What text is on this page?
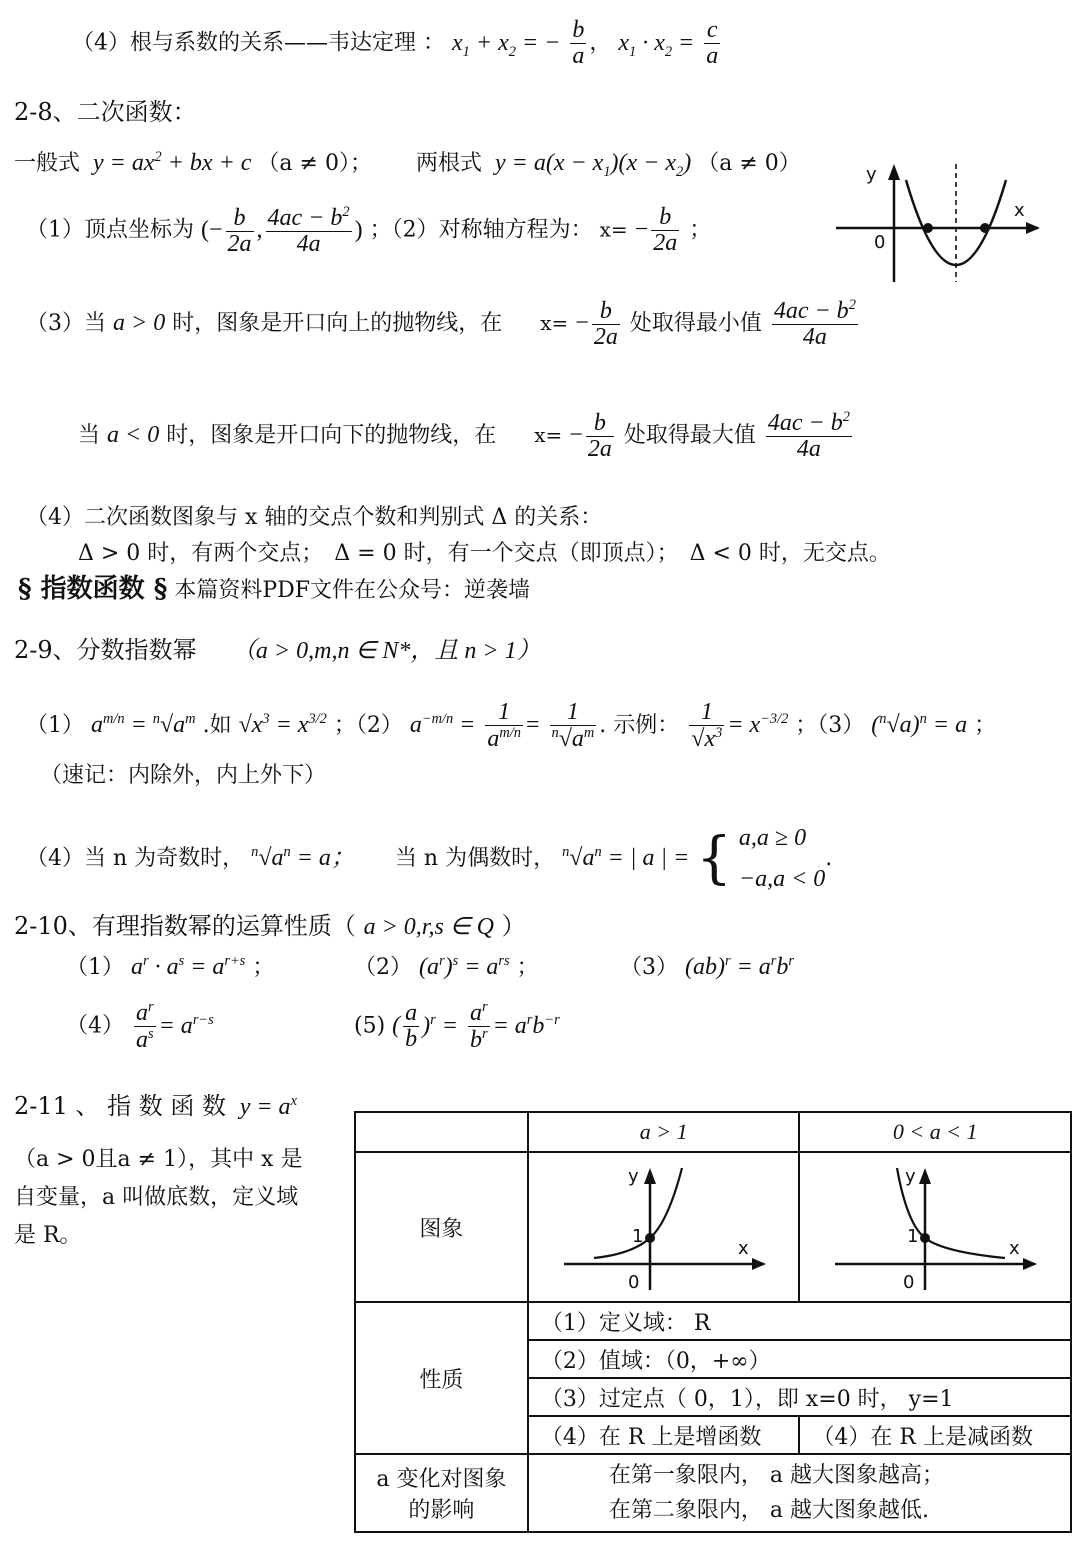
（4）根与系数的关系——韦达定理 ： $x_1 + x_2$ = − $\frac{b}{a}$ ， $x_1 \cdot x_2 = \frac{c}{a}$
2-8、二次函数：
一般式  $y = ax^2$ + bx + c （a ≠ 0）； 两根式  $y = a(x - x_1)(x - x_2)$ （a ≠ 0）	y
x
0
（1）顶点坐标为 (− $\frac{b}{2a}$ , $\frac{4ac - b^2}{4a}$ ) ；（2）对称轴方程为： $x= - \frac{b}{2a}$ ；
（3）当 a > 0 时，图象是开口向上的抛物线，在 $x= - \frac{b}{2a}$ 处取得最小值 $\frac{4ac - b^2}{4a}$
当 a < 0 时，图象是开口向下的抛物线，在 $x= - \frac{b}{2a}$ 处取得最大值 $\frac{4ac - b^2}{4a}$
（4）二次函数图象与 x 轴的交点个数和判别式 Δ 的关系：
Δ > 0 时，有两个交点；　Δ = 0 时，有一个交点（即顶点）；　Δ < 0 时，无交点。
§ 指数函数 § 本篇资料PDF文件在公众号：逆袭墙
2-9、分数指数幂 （a > 0,m,n ∈ N*，且 n > 1）
（1） $a^{m/n} = ^n√a^m$ .如 $√x^3 = x^{3/2}$ ；（2） $a^{-m/n} = \frac{1}{a^{m/n}} = \frac{1}{^n√a^m}$ . 示例： $\frac{1}{√x^3} = x^{-3/2}$ ；（3） $(^n√a)^n = a$ ；
（速记：内除外，内上外下）
（4）当 n 为奇数时， $^n√a^n = a$； 当 n 为偶数时， $^n√a^n$ = | a | = { a,a ≥ 0
−a,a < 0.
2-10、有理指数幂的运算性质（ a > 0,r,s ∈ Q ）
（1） $a^r \cdot a^s = a^{r+s}$ ；	（2） $(a^r)^s = a^{rs}$ ；	（3） $(ab)^r = a^rb^r$
$(4) \frac{a^r}{a^s} = a^{r-s}$	(5) ( $\frac{a}{b} )^r = \frac{a^r}{b^r} = a^rb^{-r}$
2-11 、 指 数 函 数  $y = a^x$
（a > 0且a ≠ 1），其中 x 是
自变量，a 叫做底数，定义域
是 R。
	a > 1	0 < a < 1
图象	y
x
0
1	y
x
0
1

性质	（1）定义域： R	
	（2）值域：（0，+∞）	
	（3）过定点（ 0，1），即 x=0 时， y=1	
	（4）在 R 上是增函数	（4）在 R 上是减函数
a 变化对图象
的影响	在第一象限内， a 越大图象越高；
在第二象限内， a 越大图象越低.	
